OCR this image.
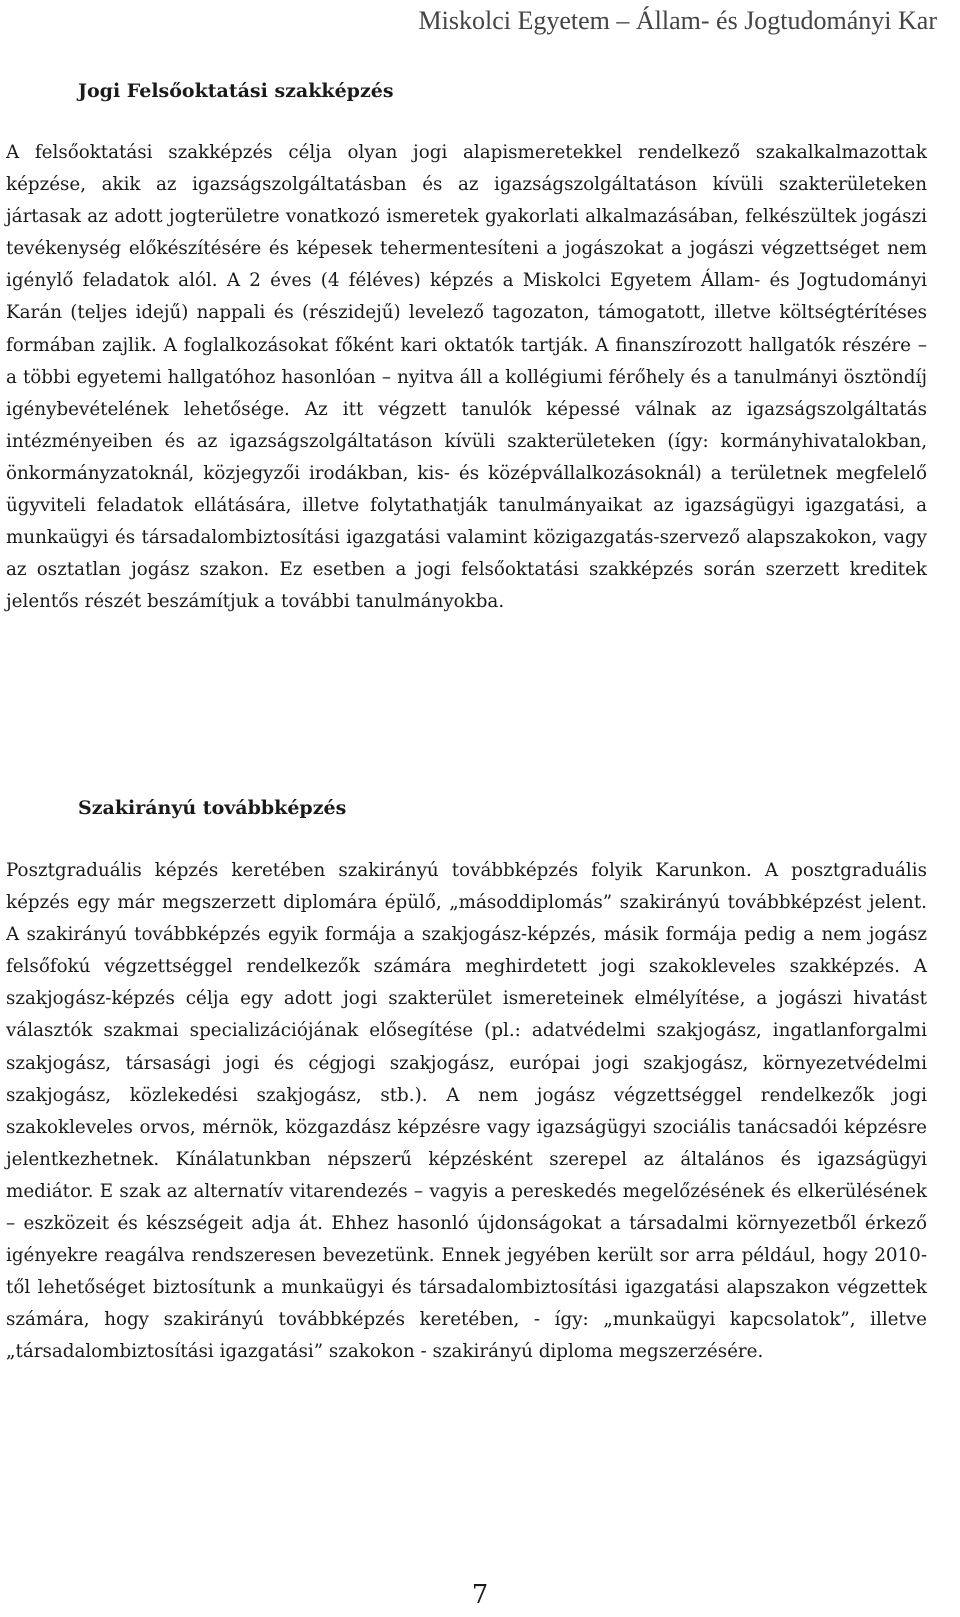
Miskolci Egyetem – Állam- és Jogtudományi Kar
Jogi Felsőoktatási szakképzés
A felsőoktatási szakképzés célja olyan jogi alapismeretekkel rendelkező szakalkalmazottak képzése, akik az igazságszolgáltatásban és az igazságszolgáltatáson kívüli szakterületeken jártasak az adott jogterületre vonatkozó ismeretek gyakorlati alkalmazásában, felkészültek jogászi tevékenység előkészítésére és képesek tehermentesíteni a jogászokat a jogászi végzettséget nem igénylő feladatok alól. A 2 éves (4 féléves) képzés a Miskolci Egyetem Állam- és Jogtudományi Karán (teljes idejű) nappali és (részidejű) levelező tagozaton, támogatott, illetve költségtérítéses formában zajlik. A foglalkozásokat főként kari oktatók tartják. A finanszírozott hallgatók részére – a többi egyetemi hallgatóhoz hasonlóan – nyitva áll a kollégiumi férőhely és a tanulmányi ösztöndíj igénybevételének lehetősége. Az itt végzett tanulók képessé válnak az igazságszolgáltatás intézményeiben és az igazságszolgáltatáson kívüli szakterületeken (így: kormányhivatalokban, önkormányzatoknál, közjegyzői irodákban, kis- és középvállalkozásoknál) a területnek megfelelő ügyviteli feladatok ellátására, illetve folytathatják tanulmányaikat az igazságügyi igazgatási, a munkaügyi és társadalombiztosítási igazgatási valamint közigazgatás-szervező alapszakokon, vagy az osztatlan jogász szakon. Ez esetben a jogi felsőoktatási szakképzés során szerzett kreditek jelentős részét beszámítjuk a további tanulmányokba.
Szakirányú továbbképzés
Posztgraduális képzés keretében szakirányú továbbképzés folyik Karunkon. A posztgraduális képzés egy már megszerzett diplomára épülő, „másoddiplomás” szakirányú továbbképzést jelent. A szakirányú továbbképzés egyik formája a szakjogász-képzés, másik formája pedig a nem jogász felsőfokú végzettséggel rendelkezők számára meghirdetett jogi szakokleveles szakképzés. A szakjogász-képzés célja egy adott jogi szakterület ismereteinek elmélyítése, a jogászi hivatást választók szakmai specializációjának elősegítése (pl.: adatvédelmi szakjogász, ingatlanforgalmi szakjogász, társasági jogi és cégjogi szakjogász, európai jogi szakjogász, környezetvédelmi szakjogász, közlekedési szakjogász, stb.). A nem jogász végzettséggel rendelkezők jogi szakokleveles orvos, mérnök, közgazdász képzésre vagy igazságügyi szociális tanácsadói képzésre jelentkezhetnek. Kínálatunkban népszerű képzésként szerepel az általános és igazságügyi mediátor. E szak az alternatív vitarendezés – vagyis a pereskedés megelőzésének és elkerülésének – eszközeit és készségeit adja át. Ehhez hasonló újdonságokat a társadalmi környezetből érkező igényekre reagálva rendszeresen bevezetünk. Ennek jegyében került sor arra például, hogy 2010-től lehetőséget biztosítunk a munkaügyi és társadalombiztosítási igazgatási alapszakon végzettek számára, hogy szakirányú továbbképzés keretében, - így: „munkaügyi kapcsolatok”, illetve „társadalombiztosítási igazgatási” szakokon - szakirányú diploma megszerzésére.
7
